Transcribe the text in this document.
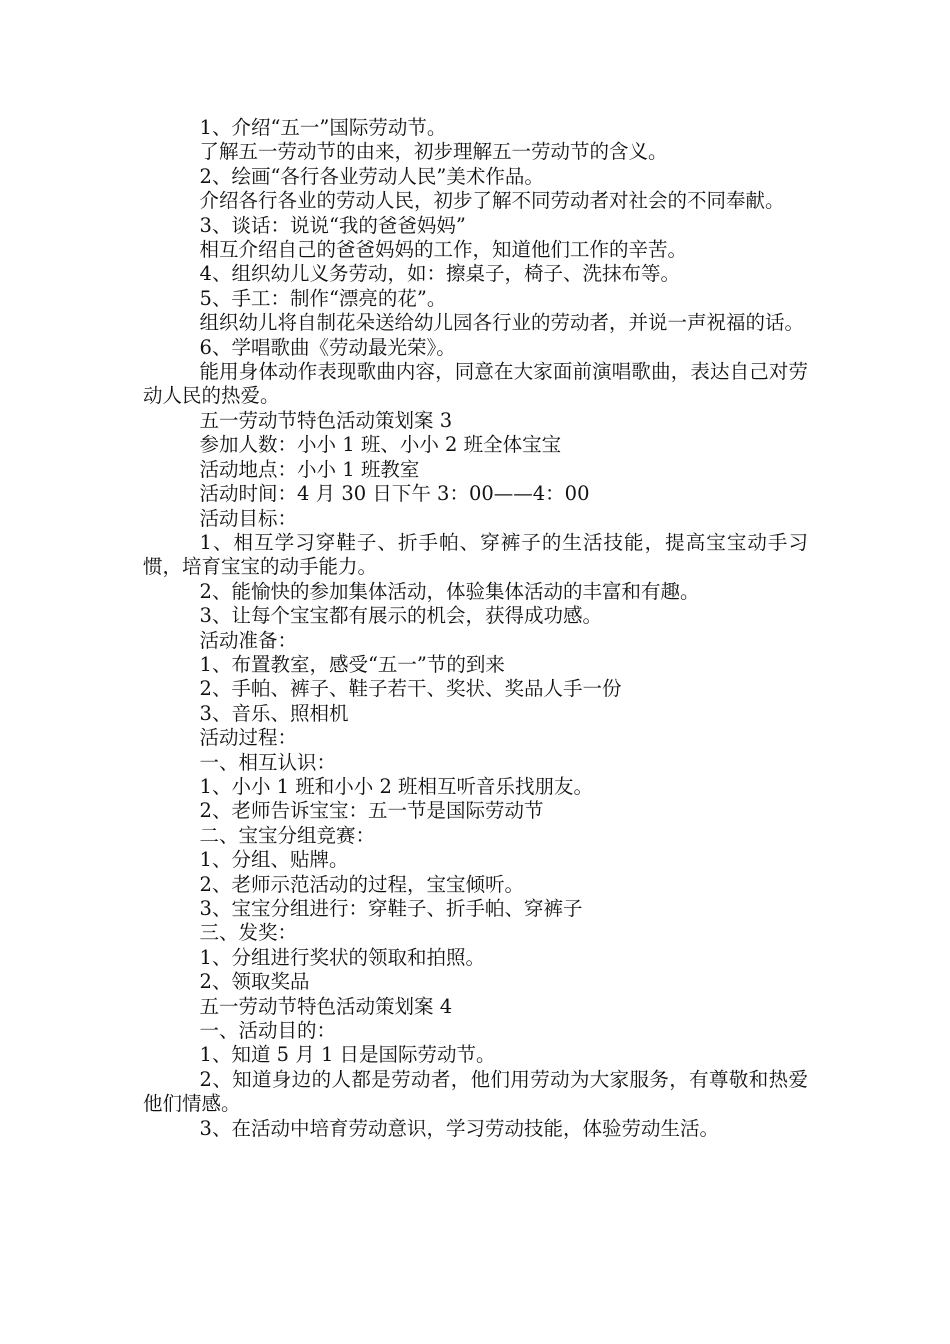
1、介绍“五一”国际劳动节。

了解五一劳动节的由来，初步理解五一劳动节的含义。

2、绘画“各行各业劳动人民”美术作品。

介绍各行各业的劳动人民，初步了解不同劳动者对社会的不同奉献。

3、谈话：说说“我的爸爸妈妈”

相互介绍自己的爸爸妈妈的工作，知道他们工作的辛苦。

4、组织幼儿义务劳动，如：擦桌子，椅子、洗抹布等。

5、手工：制作“漂亮的花”。

组织幼儿将自制花朵送给幼儿园各行业的劳动者，并说一声祝福的话。

6、学唱歌曲《劳动最光荣》。

能用身体动作表现歌曲内容，同意在大家面前演唱歌曲，表达自己对劳动人民的热爱。

五一劳动节特色活动策划案 3

参加人数：小小 1 班、小小 2 班全体宝宝

活动地点：小小 1 班教室

活动时间：4 月 30 日下午 3：00——4：00

活动目标：

1、相互学习穿鞋子、折手帕、穿裤子的生活技能，提高宝宝动手习惯，培育宝宝的动手能力。

2、能愉快的参加集体活动，体验集体活动的丰富和有趣。

3、让每个宝宝都有展示的机会，获得成功感。

活动准备：

1、布置教室，感受“五一”节的到来

2、手帕、裤子、鞋子若干、奖状、奖品人手一份

3、音乐、照相机

活动过程：

一、相互认识：

1、小小 1 班和小小 2 班相互听音乐找朋友。

2、老师告诉宝宝：五一节是国际劳动节

二、宝宝分组竞赛：

1、分组、贴牌。

2、老师示范活动的过程，宝宝倾听。

3、宝宝分组进行：穿鞋子、折手帕、穿裤子

三、发奖：

1、分组进行奖状的领取和拍照。

2、领取奖品

五一劳动节特色活动策划案 4

一、活动目的：

1、知道 5 月 1 日是国际劳动节。

2、知道身边的人都是劳动者，他们用劳动为大家服务，有尊敬和热爱他们情感。

3、在活动中培育劳动意识，学习劳动技能，体验劳动生活。
